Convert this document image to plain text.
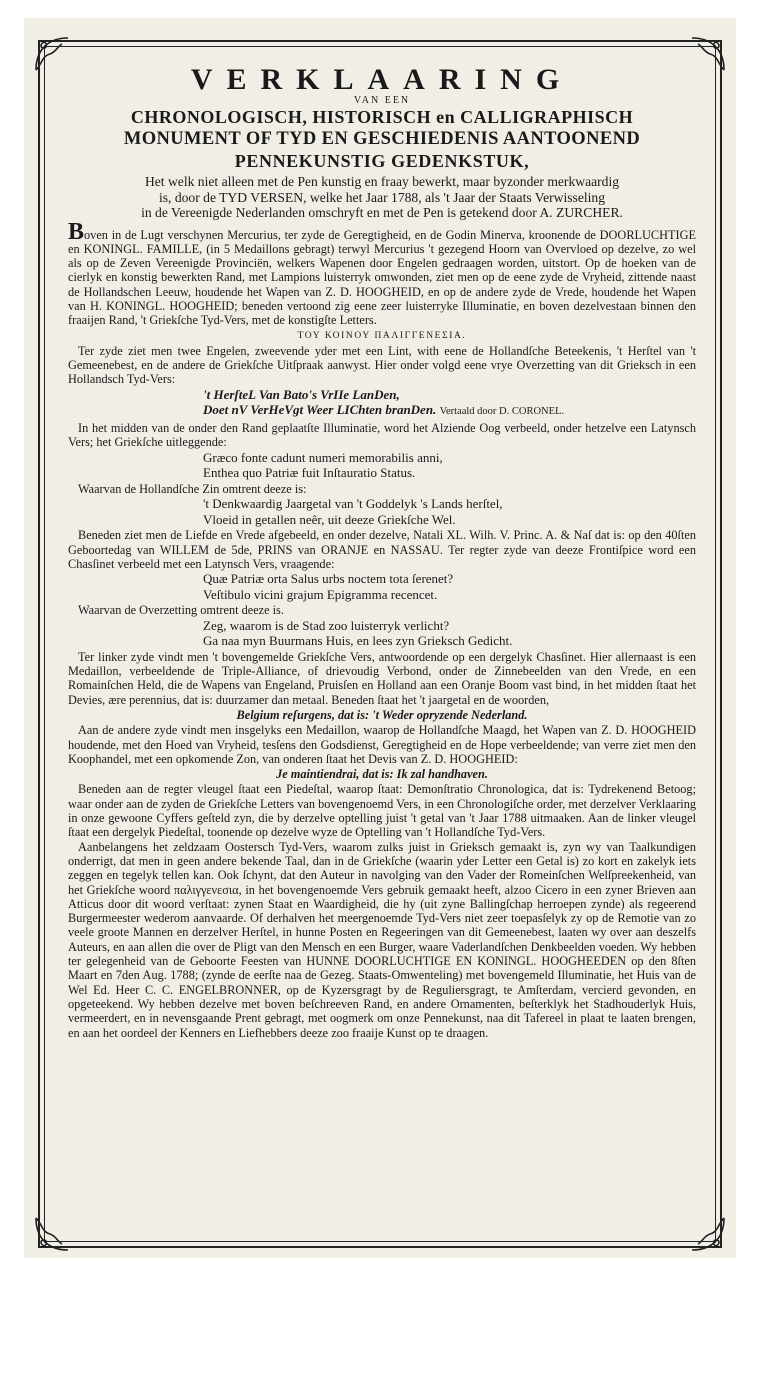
VERKLAARING
VAN EEN
CHRONOLOGISCH, HISTORISCH en CALLIGRAPHISCH
MONUMENT OF TYD EN GESCHIEDENIS AANTOONEND
PENNEKUNSTIG GEDENKSTUK,
Het welk niet alleen met de Pen kunstig en fraay bewerkt, maar byzonder merkwaardig
is, door de TYD VERSEN, welke het Jaar 1788, als 't Jaar der Staats Verwisseling
in de Vereenigde Nederlanden omschryft en met de Pen is getekend door A. ZURCHER.

Boven in de Lugt verschynen Mercurius, ter zyde de Geregtigheid, en de Godin Minerva, kroonende de DOORLUCHTIGE en KONINGL. FAMILLE, (in 5 Medaillons gebragt) terwyl Mercurius 't gezegend Hoorn van Overvloed op dezelve, zo wel als op de Zeven Vereenigde Provinciën, welkers Wapenen door Engelen gedraagen worden, uitstort. Op de hoeken van de cierlyk en konstig bewerkten Rand, met Lampions luisterryk omwonden, ziet men op de eene zyde de Vryheid, zittende naast de Hollandschen Leeuw, houdende het Wapen van Z. D. HOOGHEID, en op de andere zyde de Vrede, houdende het Wapen van H. KONINGL. HOOGHEID; beneden vertoond zig eene zeer luisterryke Illuminatie, en boven dezelvestaan binnen den fraaijen Rand, 't Griekſche Tyd-Vers, met de konstigſte Letters.

ΤΟΥ ΚΟΙΝΟΥ ΠΑΛΙΓΓΕΝΕΣΙΑ.

Ter zyde ziet men twee Engelen, zweevende yder met een Lint, with eene de Hollandſche Beteekenis, 't Herſtel van 't Gemeenebest, en de andere de Griekſche Uitſpraak aanwyst. Hier onder volgd eene vrye Overzetting van dit Grieksch in een Hollandsch Tyd-Vers:

't HerſteL Van Bato's VrIIe LanDen,
Doet nV VerHeVgt Weer LIChten branDen. Vertaald door D. CORONEL.

In het midden van de onder den Rand geplaatſte Illuminatie, word het Alziende Oog verbeeld, onder hetzelve een Latynsch Vers; het Griekſche uitleggende:

Græco fonte cadunt numeri memorabilis anni,
Enthea quo Patriæ fuit Inſtauratio Status.

Waarvan de Hollandſche Zin omtrent deeze is:

't Denkwaardig Jaargetal van 't Goddelyk 's Lands herſtel,
Vloeid in getallen neêr, uit deeze Griekſche Wel.

Beneden ziet men de Liefde en Vrede afgebeeld, en onder dezelve, Natali XL. Wilh. V. Princ. A. & Naſ dat is: op den 40ſten Geboortedag van WILLEM de 5de, PRINS van ORANJE en NASSAU. Ter regter zyde van deeze Frontiſpice word een Chasſinet verbeeld met een Latynsch Vers, vraagende:

Quæ Patriæ orta Salus urbs noctem tota ſerenet?
Veſtibulo vicini grajum Epigramma recencet.

Waarvan de Overzetting omtrent deeze is.

Zeg, waarom is de Stad zoo luisterryk verlicht?
Ga naa myn Buurmans Huis, en lees zyn Grieksch Gedicht.

Ter linker zyde vindt men 't bovengemelde Griekſche Vers, antwoordende op een dergelyk Chasſinet. Hier allernaast is een Medaillon, verbeeldende de Triple-Alliance, of drievoudig Verbond, onder de Zinnebeelden van den Vrede, en een Romainſchen Held, die de Wapens van Engeland, Pruisſen en Holland aan een Oranje Boom vast bind, in het midden ſtaat het Devies, ære perennius, dat is: duurzamer dan metaal. Beneden ſtaat het 't jaargetal en de woorden,

Belgium reſurgens, dat is: 't Weder opryzende Nederland.

Aan de andere zyde vindt men insgelyks een Medaillon, waarop de Hollandſche Maagd, het Wapen van Z. D. HOOGHEID houdende, met den Hoed van Vryheid, tesſens den Godsdienst, Geregtigheid en de Hope verbeeldende; van verre ziet men den Koophandel, met een opkomende Zon, van onderen ſtaat het Devis van Z. D. HOOGHEID:

Je maintiendrai, dat is: Ik zal handhaven.

Beneden aan de regter vleugel ſtaat een Piedeſtal, waarop ſtaat: Demonſtratio Chronologica, dat is: Tydrekenend Betoog; waar onder aan de zyden de Griekſche Letters van bovengenoemd Vers, in een Chronologiſche order, met derzelver Verklaaring in onze gewoone Cyffers geſteld zyn, die by derzelve optelling juist 't getal van 't Jaar 1788 uitmaaken. Aan de linker vleugel ſtaat een dergelyk Piedeſtal, toonende op dezelve wyze de Optelling van 't Hollandſche Tyd-Vers.

Aanbelangens het zeldzaam Oostersch Tyd-Vers, waarom zulks juist in Grieksch gemaakt is, zyn wy van Taalkundigen onderrigt, dat men in geen andere bekende Taal, dan in de Griekſche (waarin yder Letter een Getal is) zo kort en zakelyk iets zeggen en tegelyk tellen kan. Ook ſchynt, dat den Auteur in navolging van den Vader der Romeinſchen Welſpreekenheid, van het Griekſche woord παλιγγενεσια, in het bovengenoemde Vers gebruik gemaakt heeft, alzoo Cicero in een zyner Brieven aan Atticus door dit woord verſtaat: zynen Staat en Waardigheid, die hy (uit zyne Ballingſchap herroepen zynde) als regeerend Burgermeester wederom aanvaarde. Of derhalven het meergenoemde Tyd-Vers niet zeer toepasſelyk zy op de Remotie van zo veele groote Mannen en derzelver Herſtel, in hunne Posten en Regeeringen van dit Gemeenebest, laaten wy over aan deszelfs Auteurs, en aan allen die over de Pligt van den Mensch en een Burger, waare Vaderlandſchen Denkbeelden voeden. Wy hebben ter gelegenheid van de Geboorte Feesten van HUNNE DOORLUCHTIGE EN KONINGL. HOOGHEEDEN op den 8ſten Maart en 7den Aug. 1788; (zynde de eerſte naa de Gezeg. Staats-Omwenteling) met bovengemeld Illuminatie, het Huis van de Wel Ed. Heer C. C. ENGELBRONNER, op de Kyzersgragt by de Reguliersgragt, te Amſterdam, vercierd gevonden, en opgeteekend. Wy hebben dezelve met boven beſchreeven Rand, en andere Ornamenten, beſterklyk het Stadhouderlyk Huis, vermeerdert, en in nevensgaande Prent gebragt, met oogmerk om onze Pennekunst, naa dit Tafereel in plaat te laaten brengen, en aan het oordeel der Kenners en Liefhebbers deeze zoo fraaije Kunst op te draagen.
